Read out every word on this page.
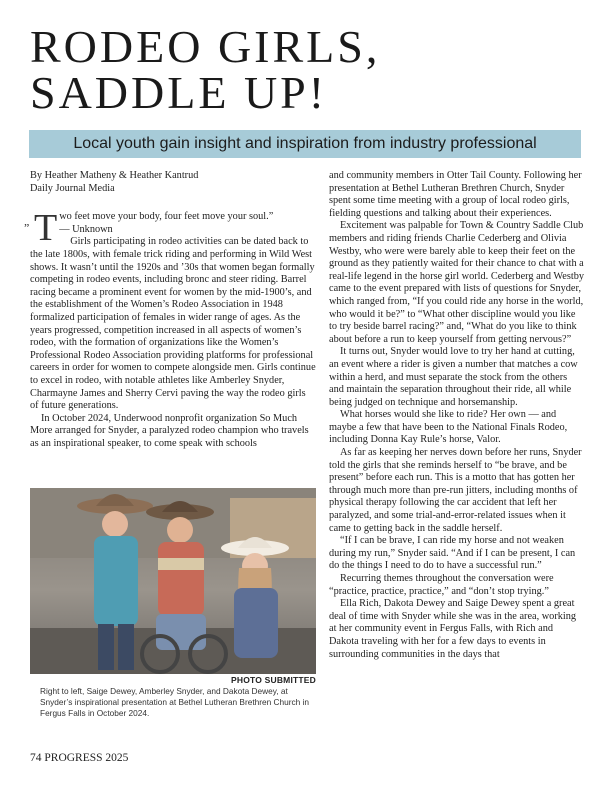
RODEO GIRLS,
SADDLE UP!

Local youth gain insight and inspiration from industry professional

By Heather Matheny & Heather Kantrud

Daily Journal Media

„ T wo feet move your body, four feet move your soul.”

— Unknown

Girls participating in rodeo activities can be dated back to the late 1800s, with female trick riding and performing in Wild West shows. It wasn’t until the 1920s and ’30s that women began formally competing in rodeo events, including bronc and steer riding. Barrel racing became a prominent event for women by the mid-1900’s, and the establishment of the Women’s Rodeo Association in 1948 formalized participation of females in wider range of ages. As the years progressed, competition increased in all aspects of women’s rodeo, with the formation of organizations like the Women’s Professional Rodeo Association providing platforms for professional careers in order for women to compete alongside men. Girls continue to excel in rodeo, with notable athletes like Amberley Snyder, Charmayne James and Sherry Cervi paving the way the rodeo girls of future generations.

In October 2024, Underwood nonprofit organization So Much More arranged for Snyder, a paralyzed rodeo champion who travels as an inspirational speaker, to come speak with schools

PHOTO SUBMITTED

Right to left, Saige Dewey, Amberley Snyder, and Dakota Dewey, at Snyder’s inspirational presentation at Bethel Lutheran Brethren Church in Fergus Falls in October 2024.

and community members in Otter Tail County. Following her presentation at Bethel Lutheran Brethren Church, Snyder spent some time meeting with a group of local rodeo girls, fielding questions and talking about their experiences.

Excitement was palpable for Town & Country Saddle Club members and riding friends Charlie Cederberg and Olivia Westby, who were were barely able to keep their feet on the ground as they patiently waited for their chance to chat with a real-life legend in the horse girl world. Cederberg and Westby came to the event prepared with lists of questions for Snyder, which ranged from, “If you could ride any horse in the world, who would it be?” to “What other discipline would you like to try beside barrel racing?” and, “What do you like to think about before a run to keep yourself from getting nervous?”

It turns out, Snyder would love to try her hand at cutting, an event where a rider is given a number that matches a cow within a herd, and must separate the stock from the others and maintain the separation throughout their ride, all while being judged on technique and horsemanship.

What horses would she like to ride? Her own — and maybe a few that have been to the National Finals Rodeo, including Donna Kay Rule’s horse, Valor.

As far as keeping her nerves down before her runs, Snyder told the girls that she reminds herself to “be brave, and be present” before each run. This is a motto that has gotten her through much more than pre-run jitters, including months of physical therapy following the car accident that left her paralyzed, and some trial-and-error-related issues when it came to getting back in the saddle herself.

“If I can be brave, I can ride my horse and not weaken during my run,” Snyder said. “And if I can be present, I can do the things I need to do to have a successful run.”

Recurring themes throughout the conversation were “practice, practice, practice,” and “don’t stop trying.”

Ella Rich, Dakota Dewey and Saige Dewey spent a great deal of time with Snyder while she was in the area, working at her community event in Fergus Falls, with Rich and Dakota traveling with her for a few days to events in surrounding communities in the days that

74 PROGRESS 2025
